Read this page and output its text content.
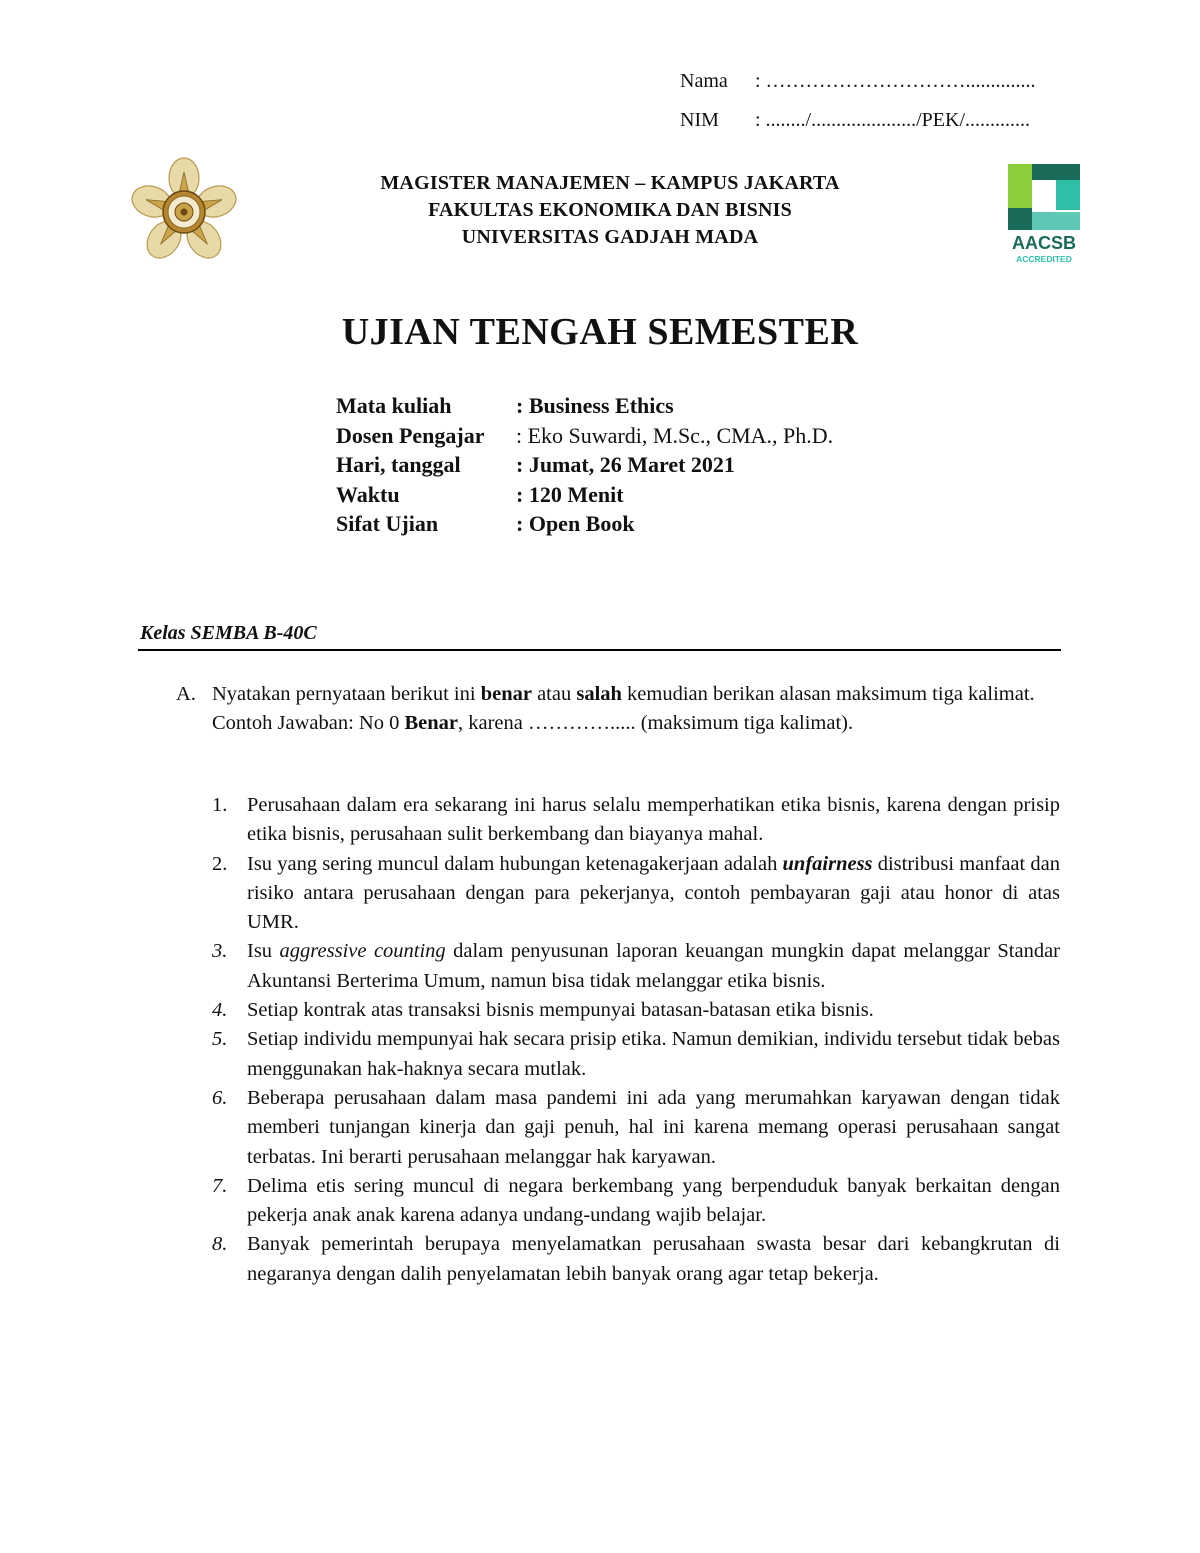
Nama : …………………………..............
NIM : ......../...................../PEK/.............
MAGISTER MANAJEMEN – KAMPUS JAKARTA
FAKULTAS EKONOMIKA DAN BISNIS
UNIVERSITAS GADJAH MADA	AACSB
ACCREDITED
UJIAN TENGAH SEMESTER
Mata kuliah	: Business Ethics
Dosen Pengajar : Eko Suwardi, M.Sc., CMA., Ph.D.
Hari, tanggal	: Jumat, 26 Maret 2021
Waktu	: 120 Menit
Sifat Ujian	: Open Book
Kelas SEMBA B-40C
A. Nyatakan pernyataan berikut ini benar atau salah kemudian berikan alasan maksimum tiga kalimat.
Contoh Jawaban: No 0 Benar, karena …………..... (maksimum tiga kalimat).
1. Perusahaan dalam era sekarang ini harus selalu memperhatikan etika bisnis, karena dengan prisip etika bisnis, perusahaan sulit berkembang dan biayanya mahal.
2. Isu yang sering muncul dalam hubungan ketenagakerjaan adalah unfairness distribusi manfaat dan risiko antara perusahaan dengan para pekerjanya, contoh pembayaran gaji atau honor di atas UMR.
3. Isu aggressive counting dalam penyusunan laporan keuangan mungkin dapat melanggar Standar Akuntansi Berterima Umum, namun bisa tidak melanggar etika bisnis.
4. Setiap kontrak atas transaksi bisnis mempunyai batasan-batasan etika bisnis.
5. Setiap individu mempunyai hak secara prisip etika. Namun demikian, individu tersebut tidak bebas menggunakan hak-haknya secara mutlak.
6. Beberapa perusahaan dalam masa pandemi ini ada yang merumahkan karyawan dengan tidak memberi tunjangan kinerja dan gaji penuh, hal ini karena memang operasi perusahaan sangat terbatas. Ini berarti perusahaan melanggar hak karyawan.
7. Delima etis sering muncul di negara berkembang yang berpenduduk banyak berkaitan dengan pekerja anak anak karena adanya undang-undang wajib belajar.
8. Banyak pemerintah berupaya menyelamatkan perusahaan swasta besar dari kebangkrutan di negaranya dengan dalih penyelamatan lebih banyak orang agar tetap bekerja.
